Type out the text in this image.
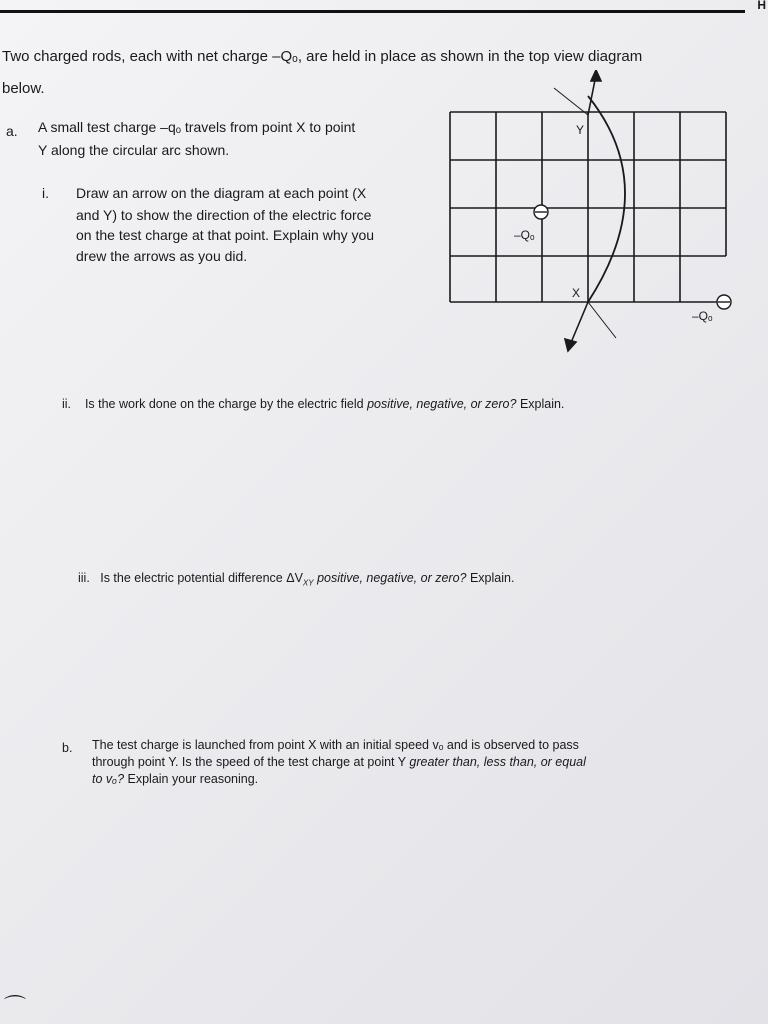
H
Two charged rods, each with net charge –Qₒ, are held in place as shown in the top view diagram
below.
a. A small test charge –qₒ travels from point X to point
Y along the circular arc shown.
i. Draw an arrow on the diagram at each point (X
and Y) to show the direction of the electric force
on the test charge at that point. Explain why you
drew the arrows as you did.
Y
X
–Qₒ
–Qₒ
ii. Is the work done on the charge by the electric field positive, negative, or zero? Explain.
iii. Is the electric potential difference $\Delta V_{XY}$ positive, negative, or zero? Explain.
b. The test charge is launched from point X with an initial speed vₒ and is observed to pass
through point Y. Is the speed of the test charge at point Y greater than, less than, or equal
to vₒ? Explain your reasoning.
⌒
